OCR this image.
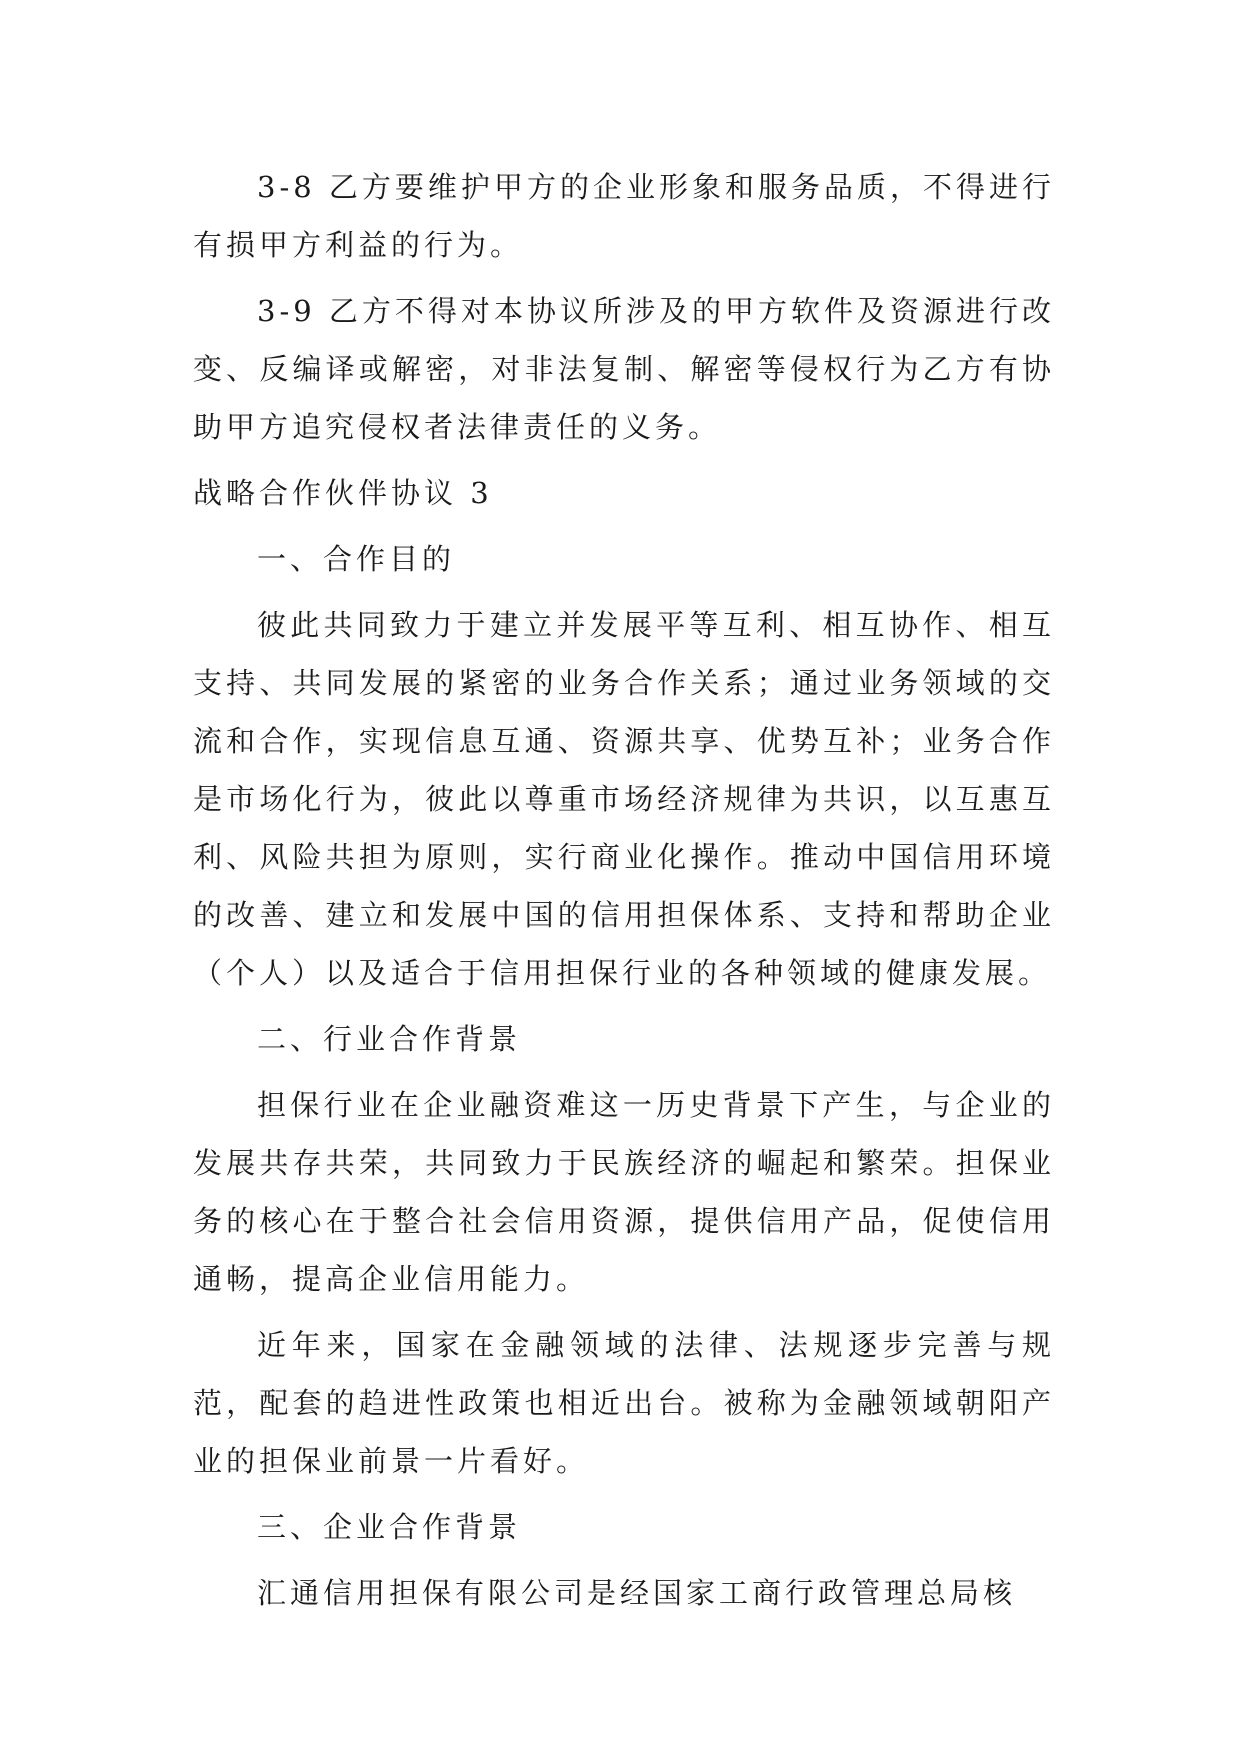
3-8 乙方要维护甲方的企业形象和服务品质，不得进行有损甲方利益的行为。

3-9 乙方不得对本协议所涉及的甲方软件及资源进行改变、反编译或解密，对非法复制、解密等侵权行为乙方有协助甲方追究侵权者法律责任的义务。

战略合作伙伴协议 3

一、合作目的

彼此共同致力于建立并发展平等互利、相互协作、相互支持、共同发展的紧密的业务合作关系；通过业务领域的交流和合作，实现信息互通、资源共享、优势互补；业务合作是市场化行为，彼此以尊重市场经济规律为共识，以互惠互利、风险共担为原则，实行商业化操作。推动中国信用环境的改善、建立和发展中国的信用担保体系、支持和帮助企业（个人）以及适合于信用担保行业的各种领域的健康发展。

二、行业合作背景

担保行业在企业融资难这一历史背景下产生，与企业的发展共存共荣，共同致力于民族经济的崛起和繁荣。担保业务的核心在于整合社会信用资源，提供信用产品，促使信用通畅，提高企业信用能力。

近年来，国家在金融领域的法律、法规逐步完善与规范，配套的趋进性政策也相近出台。被称为金融领域朝阳产业的担保业前景一片看好。

三、企业合作背景

汇通信用担保有限公司是经国家工商行政管理总局核
